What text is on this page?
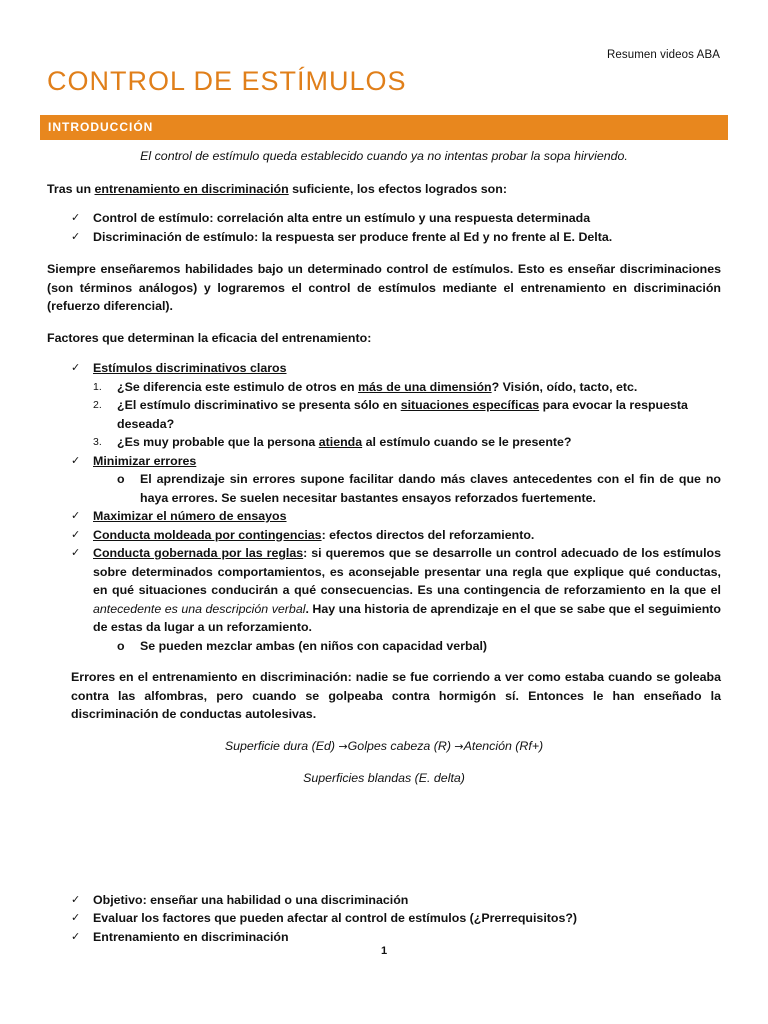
Resumen videos ABA
CONTROL DE ESTÍMULOS
INTRODUCCIÓN

El control de estímulo queda establecido cuando ya no intentas probar la sopa hirviendo.

Tras un entrenamiento en discriminación suficiente, los efectos logrados son:

✓ Control de estímulo: correlación alta entre un estímulo y una respuesta determinada
✓ Discriminación de estímulo: la respuesta ser produce frente al Ed y no frente al E. Delta.

Siempre enseñaremos habilidades bajo un determinado control de estímulos. Esto es enseñar discriminaciones (son términos análogos) y lograremos el control de estímulos mediante el entrenamiento en discriminación (refuerzo diferencial).

Factores que determinan la eficacia del entrenamiento:

✓ Estímulos discriminativos claros
1.	¿Se diferencia este estimulo de otros en más de una dimensión? Visión, oído, tacto, etc.
2.	¿El estímulo discriminativo se presenta sólo en situaciones específicas para evocar la respuesta deseada?
3.	¿Es muy probable que la persona atienda al estímulo cuando se le presente?
✓ Minimizar errores
o El aprendizaje sin errores supone facilitar dando más claves antecedentes con el fin de que no haya errores. Se suelen necesitar bastantes ensayos reforzados fuertemente.
✓ Maximizar el número de ensayos
✓ Conducta moldeada por contingencias: efectos directos del reforzamiento.
✓ Conducta gobernada por las reglas: si queremos que se desarrolle un control adecuado de los estímulos sobre determinados comportamientos, es aconsejable presentar una regla que explique qué conductas, en qué situaciones conducirán a qué consecuencias. Es una contingencia de reforzamiento en la que el antecedente es una descripción verbal. Hay una historia de aprendizaje en el que se sabe que el seguimiento de estas da lugar a un reforzamiento.
o Se pueden mezclar ambas (en niños con capacidad verbal)

Errores en el entrenamiento en discriminación: nadie se fue corriendo a ver como estaba cuando se goleaba contra las alfombras, pero cuando se golpeaba contra hormigón sí. Entonces le han enseñado la discriminación de conductas autolesivas.

Superficie dura (Ed) →Golpes cabeza (R) →Atención (Rf+)

Superficies blandas (E. delta)

✓ Objetivo: enseñar una habilidad o una discriminación
✓ Evaluar los factores que pueden afectar al control de estímulos (¿Prerrequisitos?)
✓ Entrenamiento en discriminación
1
